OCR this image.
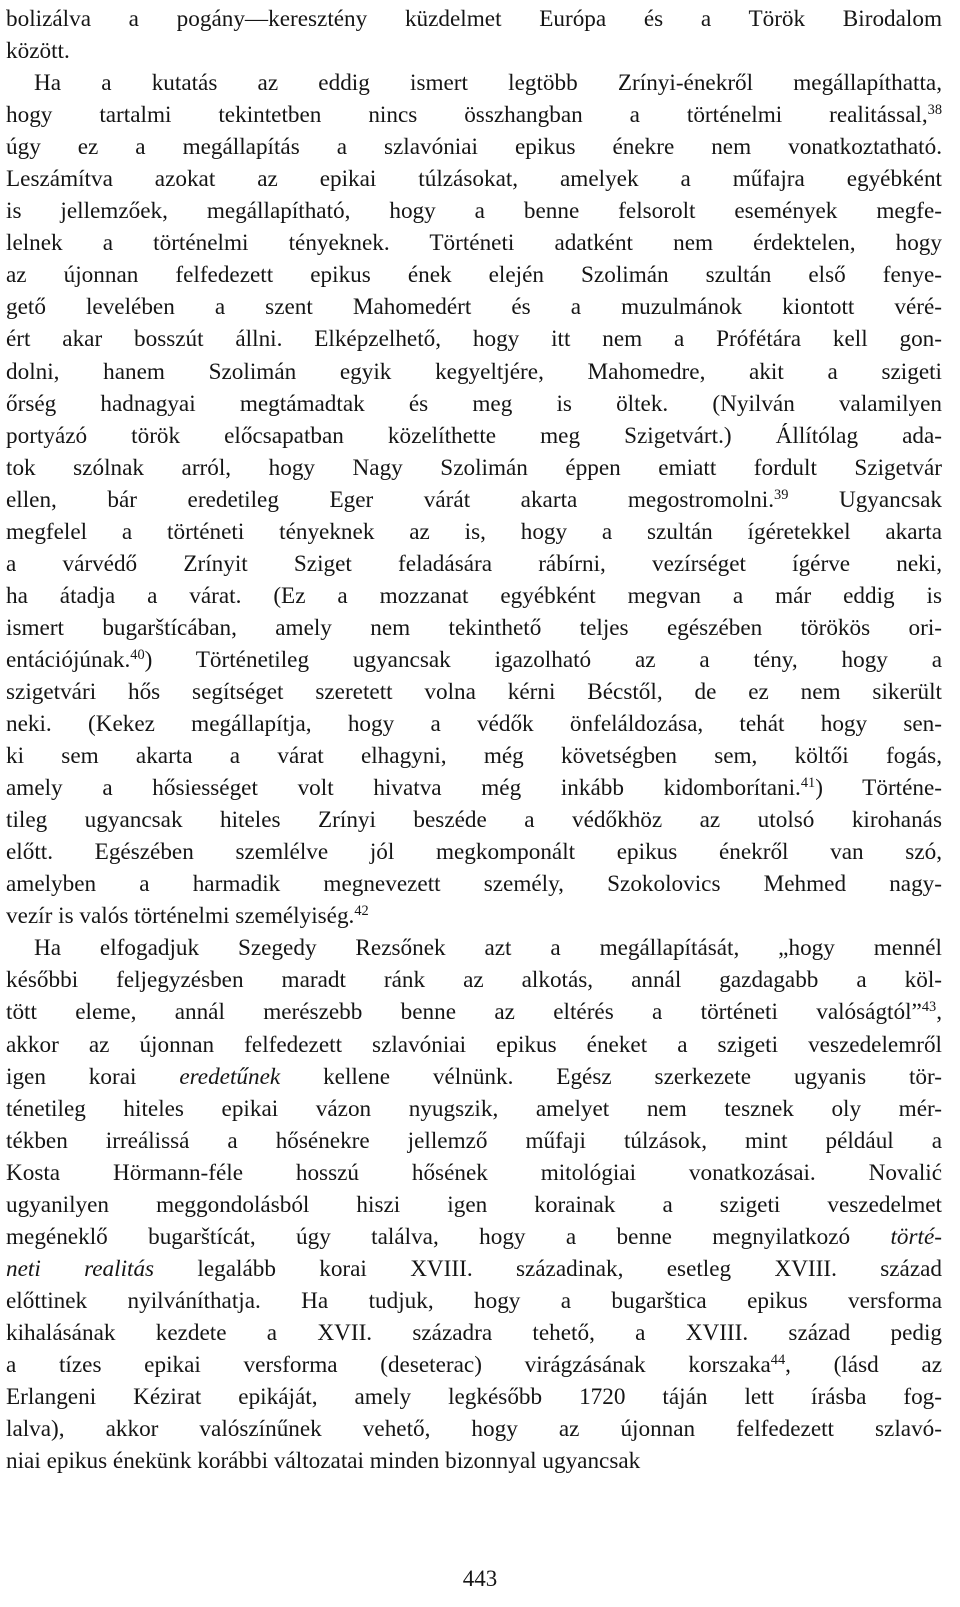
bolizálva a pogány—keresztény küzdelmet Európa és a Török Birodalom
között.
Ha a kutatás az eddig ismert legtöbb Zrínyi-énekről megállapíthatta,
hogy tartalmi tekintetben nincs összhangban a történelmi realitással,$^{38}$
úgy ez a megállapítás a szlavóniai epikus énekre nem vonatkoztatható.
Leszámítva azokat az epikai túlzásokat, amelyek a műfajra egyébként
is jellemzőek, megállapítható, hogy a benne felsorolt események megfe-
lelnek a történelmi tényeknek. Történeti adatként nem érdektelen, hogy
az újonnan felfedezett epikus ének elején Szolimán szultán első fenye-
gető levelében a szent Mahomedért és a muzulmánok kiontott véré-
ért akar bosszút állni. Elképzelhető, hogy itt nem a Prófétára kell gon-
dolni, hanem Szolimán egyik kegyeltjére, Mahomedre, akit a szigeti
őrség hadnagyai megtámadtak és meg is öltek. (Nyilván valamilyen
portyázó török előcsapatban közelíthette meg Szigetvárt.) Állítólag ada-
tok szólnak arról, hogy Nagy Szolimán éppen emiatt fordult Szigetvár
ellen, bár eredetileg Eger várát akarta megostromolni.$^{39}$ Ugyancsak
megfelel a történeti tényeknek az is, hogy a szultán ígéretekkel akarta
a várvédő Zrínyit Sziget feladására rábírni, vezírséget ígérve neki,
ha átadja a várat. (Ez a mozzanat egyébként megvan a már eddig is
ismert bugarštícában, amely nem tekinthető teljes egészében törökös ori-
entációjúnak.$^{40}$) Történetileg ugyancsak igazolható az a tény, hogy a
szigetvári hős segítséget szeretett volna kérni Bécstől, de ez nem sikerült
neki. (Kekez megállapítja, hogy a védők önfeláldozása, tehát hogy sen-
ki sem akarta a várat elhagyni, még követségben sem, költői fogás,
amely a hősiességet volt hivatva még inkább kidomborítani.$^{41}$) Történe-
tileg ugyancsak hiteles Zrínyi beszéde a védőkhöz az utolsó kirohanás
előtt. Egészében szemlélve jól megkomponált epikus énekről van szó,
amelyben a harmadik megnevezett személy, Szokolovics Mehmed nagy-
vezír is valós történelmi személyiség.$^{42}$
Ha elfogadjuk Szegedy Rezsőnek azt a megállapítását, „hogy mennél
későbbi feljegyzésben maradt ránk az alkotás, annál gazdagabb a köl-
tött eleme, annál merészebb benne az eltérés a történeti valóságtól”$^{43}$,
akkor az újonnan felfedezett szlavóniai epikus éneket a szigeti veszedelemről
igen korai eredetűnek kellene vélnünk. Egész szerkezete ugyanis tör-
ténetileg hiteles epikai vázon nyugszik, amelyet nem tesznek oly mér-
tékben irreálissá a hősénekre jellemző műfaji túlzások, mint például a
Kosta Hörmann-féle hosszú hősének mitológiai vonatkozásai. Novalić
ugyanilyen meggondolásból hiszi igen korainak a szigeti veszedelmet
megéneklő bugarštícát, úgy találva, hogy a benne megnyilatkozó törté-
neti realitás legalább korai XVIII. századinak, esetleg XVIII. század
előttinek nyilváníthatja. Ha tudjuk, hogy a bugarštica epikus versforma
kihalásának kezdete a XVII. századra tehető, a XVIII. század pedig
a tízes epikai versforma (deseterac) virágzásának korszaka$^{44}$, (lásd az
Erlangeni Kézirat epikáját, amely legkésőbb 1720 táján lett írásba fog-
lalva), akkor valószínűnek vehető, hogy az újonnan felfedezett szlavó-
niai epikus énekünk korábbi változatai minden bizonnyal ugyancsak
443
